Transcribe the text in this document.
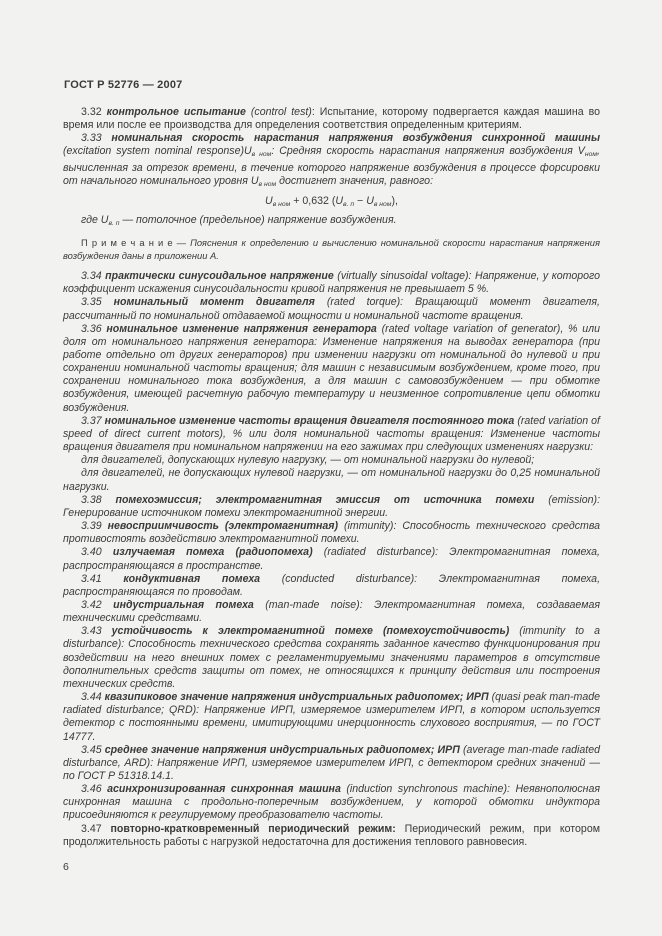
ГОСТ Р 52776 — 2007

3.32 контрольное испытание (control test): Испытание, которому подвергается каждая машина во время или после ее производства для определения соответствия определенным критериям.

3.33 номинальная скорость нарастания напряжения возбуждения синхронной машины (excitation system nominal $response)U_{в ном}$: Средняя скорость нарастания напряжения возбуждения $V_{ном}$, вычисленная за отрезок времени, в течение которого напряжение возбуждения в процессе форсировки от начального номинального уровня $U_{в ном}$ достигнет значения, равного:

$U_{в ном} + 0,632$ $(U_{в. п} - U_{в ном})$,

где $U_{в. п}$ — потолочное (предельное) напряжение возбуждения.

П р и м е ч а н и е — Пояснения к определению и вычислению номинальной скорости нарастания напряжения возбуждения даны в приложении А.

3.34 практически синусоидальное напряжение (virtually sinusoidal voltage): Напряжение, у которого коэффициент искажения синусоидальности кривой напряжения не превышает 5 %.

3.35 номинальный момент двигателя (rated torque): Вращающий момент двигателя, рассчитанный по номинальной отдаваемой мощности и номинальной частоте вращения.

3.36 номинальное изменение напряжения генератора (rated voltage variation of generator), % или доля от номинального напряжения генератора: Изменение напряжения на выводах генератора (при работе отдельно от других генераторов) при изменении нагрузки от номинальной до нулевой и при сохранении номинальной частоты вращения; для машин с независимым возбуждением, кроме того, при сохранении номинального тока возбуждения, а для машин с самовозбуждением — при обмотке возбуждения, имеющей расчетную рабочую температуру и неизменное сопротивление цепи обмотки возбуждения.

3.37 номинальное изменение частоты вращения двигателя постоянного тока (rated variation of speed of direct current motors), % или доля номинальной частоты вращения: Изменение частоты вращения двигателя при номинальном напряжении на его зажимах при следующих изменениях нагрузки:

для двигателей, допускающих нулевую нагрузку, — от номинальной нагрузки до нулевой;

для двигателей, не допускающих нулевой нагрузки, — от номинальной нагрузки до 0,25 номинальной нагрузки.

3.38 помехоэмиссия; электромагнитная эмиссия от источника помехи (emission): Генерирование источником помехи электромагнитной энергии.

3.39 невосприимчивость (электромагнитная) (immunity): Способность технического средства противостоять воздействию электромагнитной помехи.

3.40 излучаемая помеха (радиопомеха) (radiated disturbance): Электромагнитная помеха, распространяющаяся в пространстве.

3.41 кондуктивная помеха (conducted disturbance): Электромагнитная помеха, распространяющаяся по проводам.

3.42 индустриальная помеха (man-made noise): Электромагнитная помеха, создаваемая техническими средствами.

3.43 устойчивость к электромагнитной помехе (помехоустойчивость) (immunity to a disturbance): Способность технического средства сохранять заданное качество функционирования при воздействии на него внешних помех с регламентируемыми значениями параметров в отсутствие дополнительных средств защиты от помех, не относящихся к принципу действия или построения технических средств.

3.44 квазипиковое значение напряжения индустриальных радиопомех; ИРП (quasi peak man-made radiated disturbance; QRD): Напряжение ИРП, измеряемое измерителем ИРП, в котором используется детектор с постоянными времени, имитирующими инерционность слухового восприятия, — по ГОСТ 14777.

3.45 среднее значение напряжения индустриальных радиопомех; ИРП (average man-made radiated disturbance, ARD): Напряжение ИРП, измеряемое измерителем ИРП, с детектором средних значений — по ГОСТ Р 51318.14.1.

3.46 асинхронизированная синхронная машина (induction synchronous machine): Неявнополюсная синхронная машина с продольно-поперечным возбуждением, у которой обмотки индуктора присоединяются к регулируемому преобразователю частоты.

3.47 повторно-кратковременный периодический режим: Периодический режим, при котором продолжительность работы с нагрузкой недостаточна для достижения теплового равновесия.

6
